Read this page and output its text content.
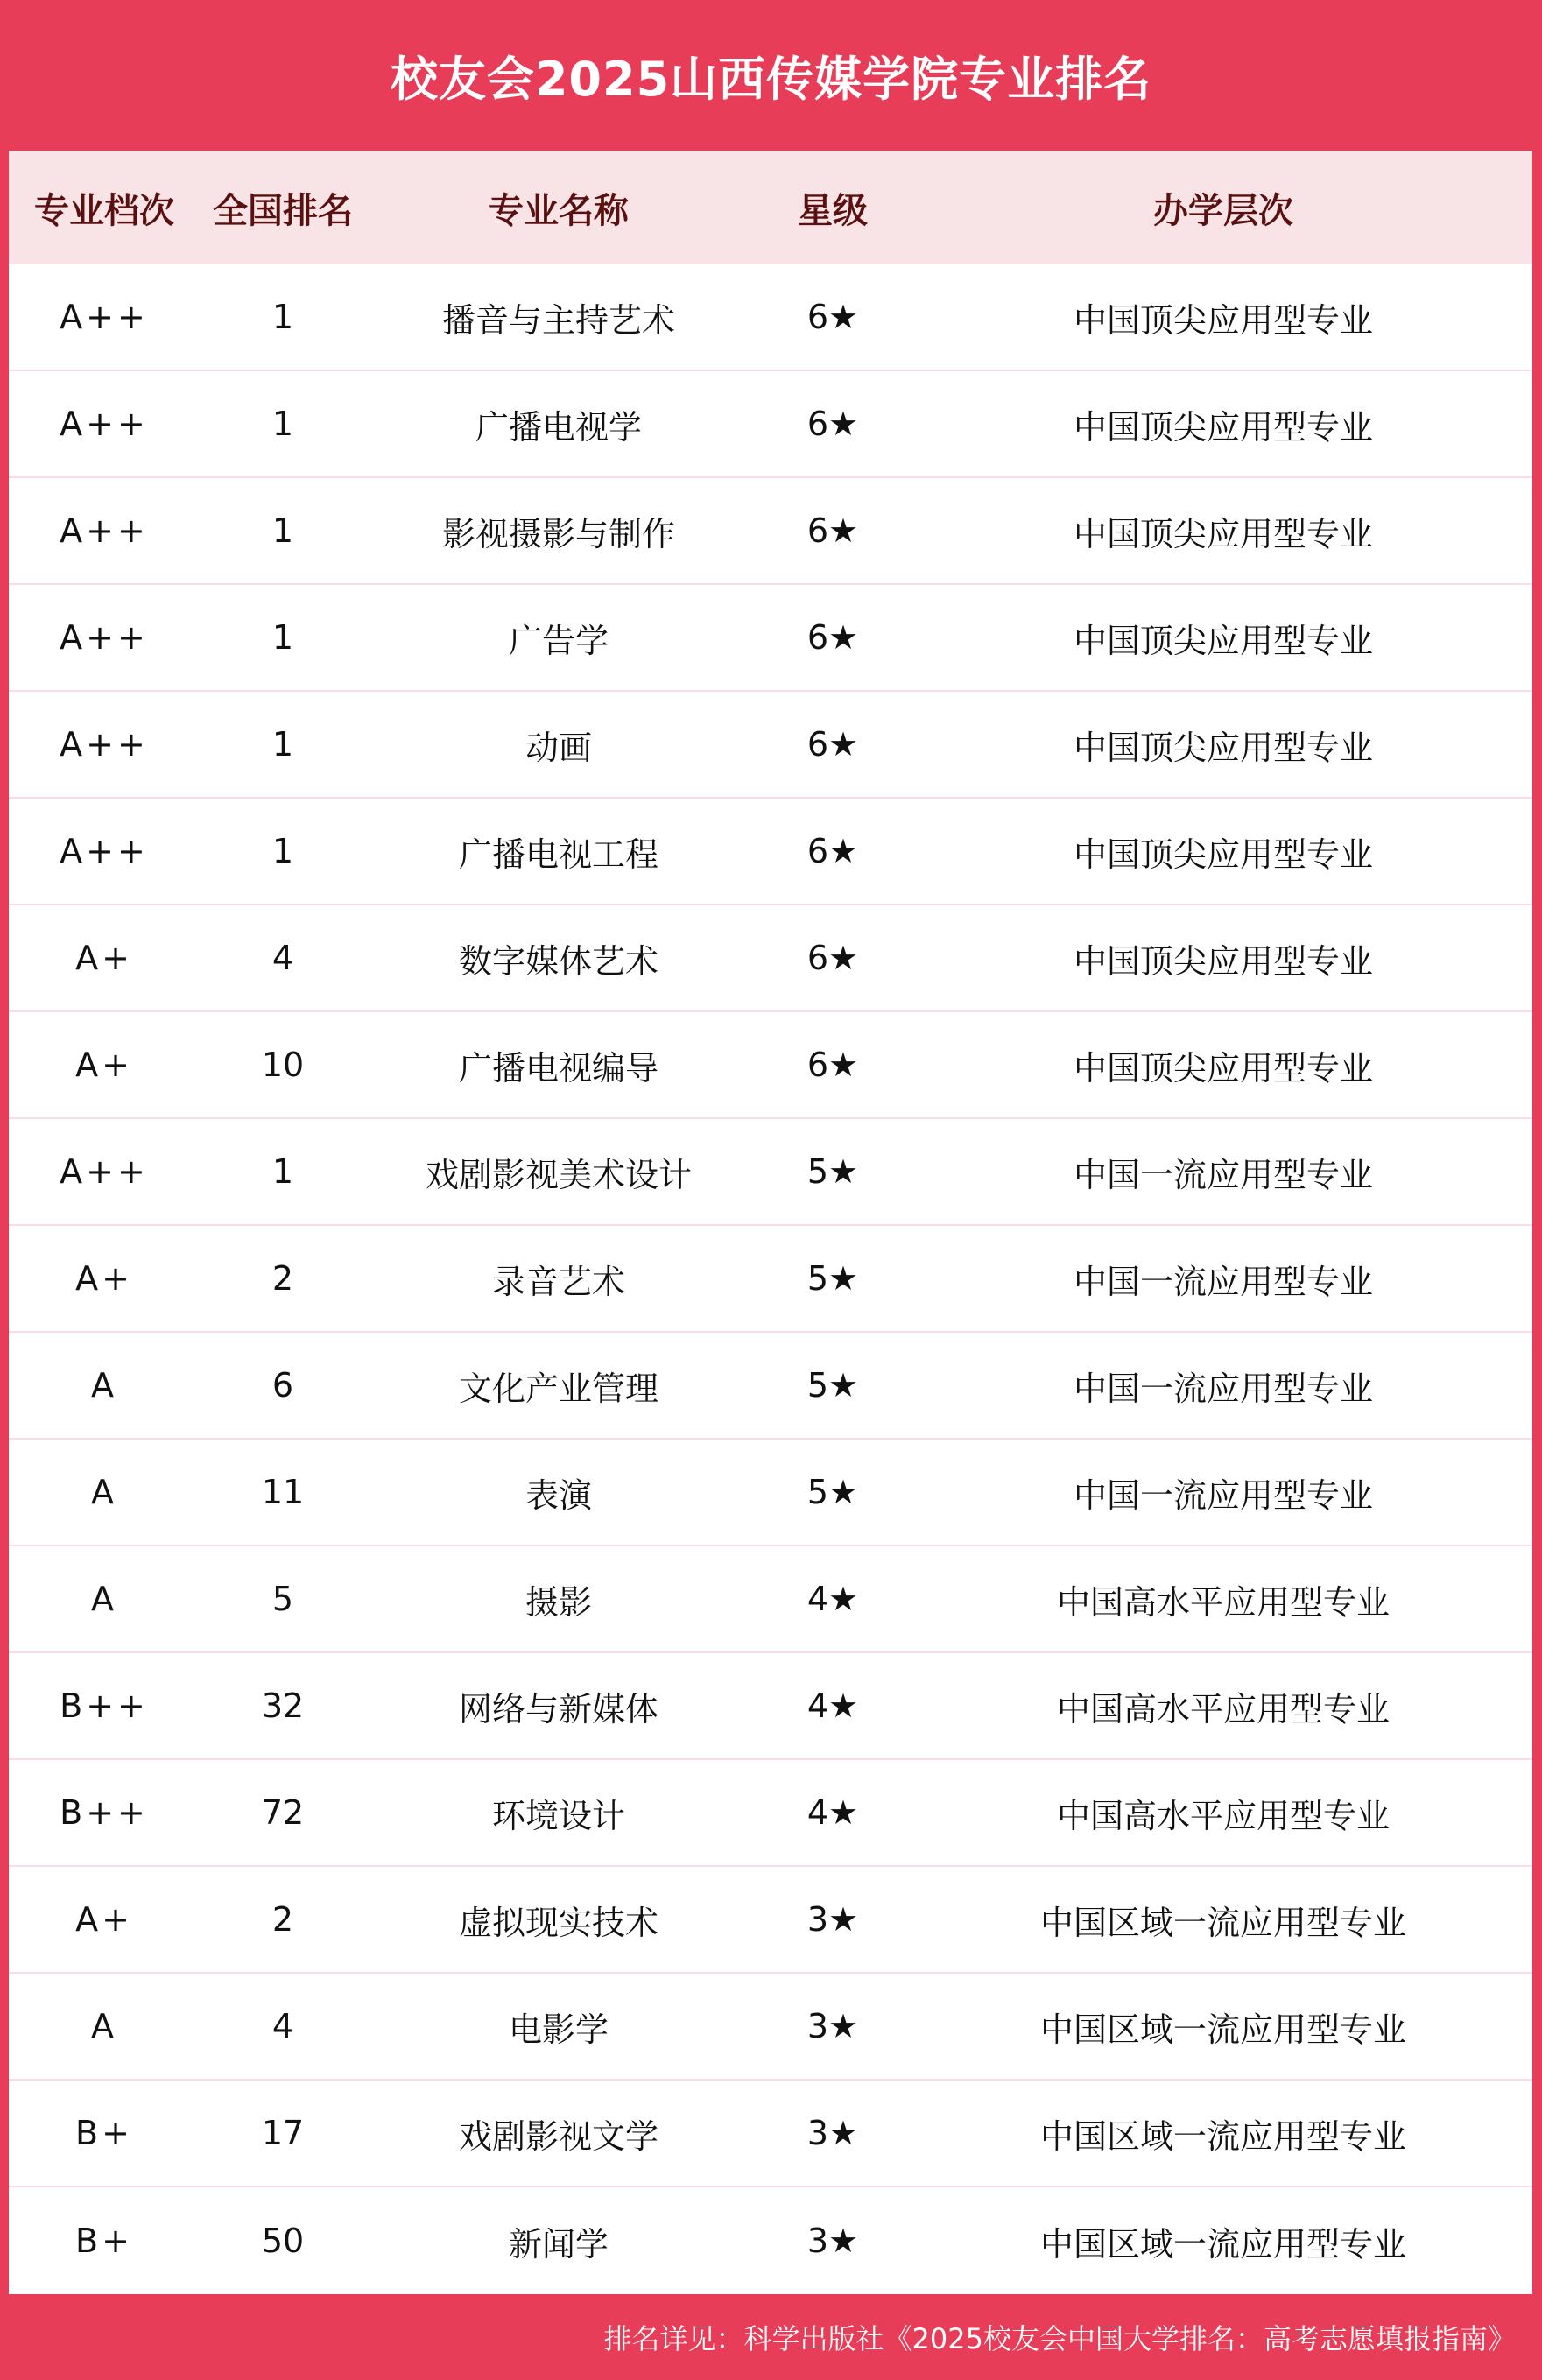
校友会2025山西传媒学院专业排名
专业档次	全国排名	专业名称	星级	办学层次
A++	1	播音与主持艺术	6★	中国顶尖应用型专业
A++	1	广播电视学	6★	中国顶尖应用型专业
A++	1	影视摄影与制作	6★	中国顶尖应用型专业
A++	1	广告学	6★	中国顶尖应用型专业
A++	1	动画	6★	中国顶尖应用型专业
A++	1	广播电视工程	6★	中国顶尖应用型专业
A+	4	数字媒体艺术	6★	中国顶尖应用型专业
A+	10	广播电视编导	6★	中国顶尖应用型专业
A++	1	戏剧影视美术设计	5★	中国一流应用型专业
A+	2	录音艺术	5★	中国一流应用型专业
A	6	文化产业管理	5★	中国一流应用型专业
A	11	表演	5★	中国一流应用型专业
A	5	摄影	4★	中国高水平应用型专业
B++	32	网络与新媒体	4★	中国高水平应用型专业
B++	72	环境设计	4★	中国高水平应用型专业
A+	2	虚拟现实技术	3★	中国区域一流应用型专业
A	4	电影学	3★	中国区域一流应用型专业
B+	17	戏剧影视文学	3★	中国区域一流应用型专业
B+	50	新闻学	3★	中国区域一流应用型专业
排名详见：科学出版社《2025校友会中国大学排名：高考志愿填报指南》
